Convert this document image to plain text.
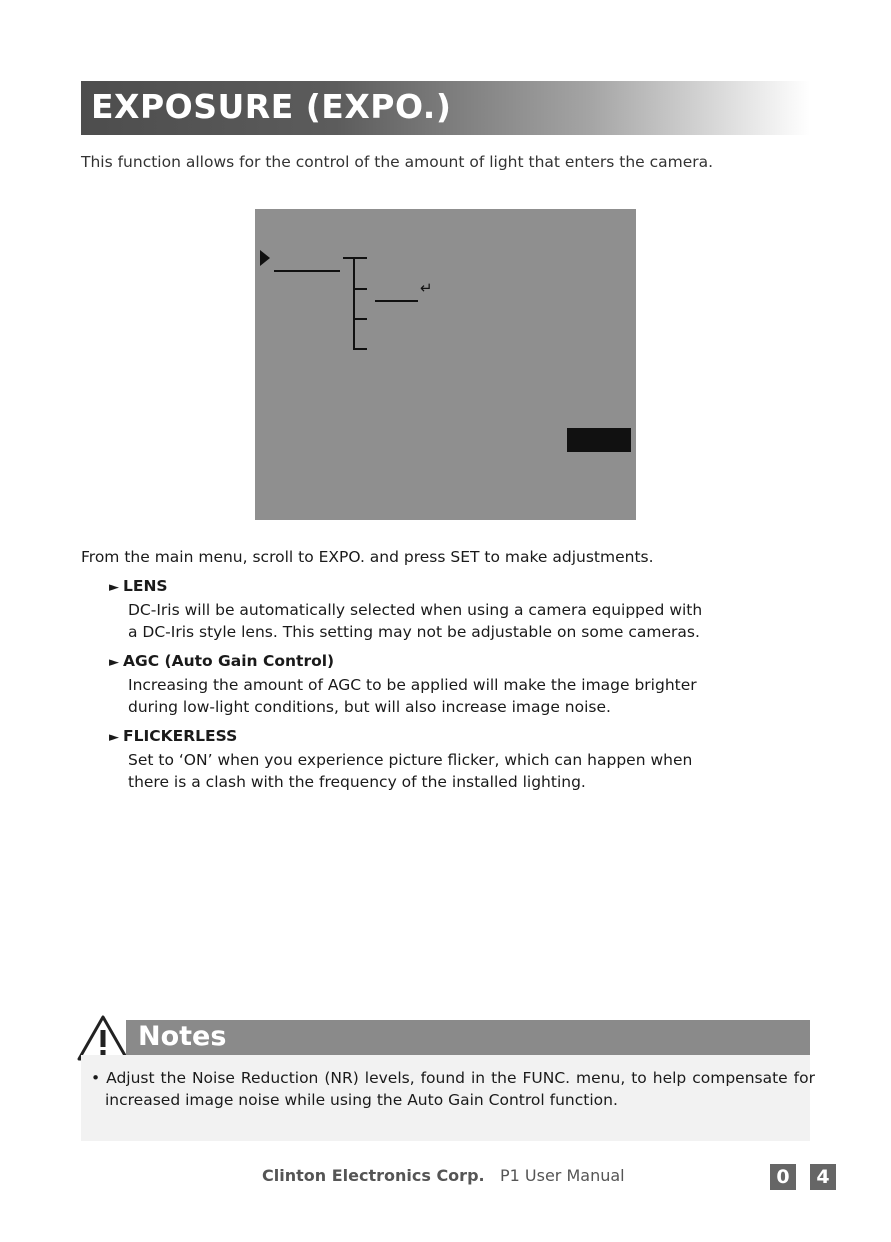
EXPOSURE (EXPO.)
This function allows for the control of the amount of light that enters the camera.
↵

From the main menu, scroll to EXPO. and press SET to make adjustments.

► LENS
DC-Iris will be automatically selected when using a camera equipped with
a DC-Iris style lens. This setting may not be adjustable on some cameras.
► AGC (Auto Gain Control)
Increasing the amount of AGC to be applied will make the image brighter
during low-light conditions, but will also increase image noise.
► FLICKERLESS
Set to ‘ON’ when you experience picture flicker, which can happen when
there is a clash with the frequency of the installed lighting.
Notes
• Adjust the Noise Reduction (NR) levels, found in the FUNC. menu, to help compensate for increased image noise while using the Auto Gain Control function.
Clinton Electronics Corp. P1 User Manual	0	4
